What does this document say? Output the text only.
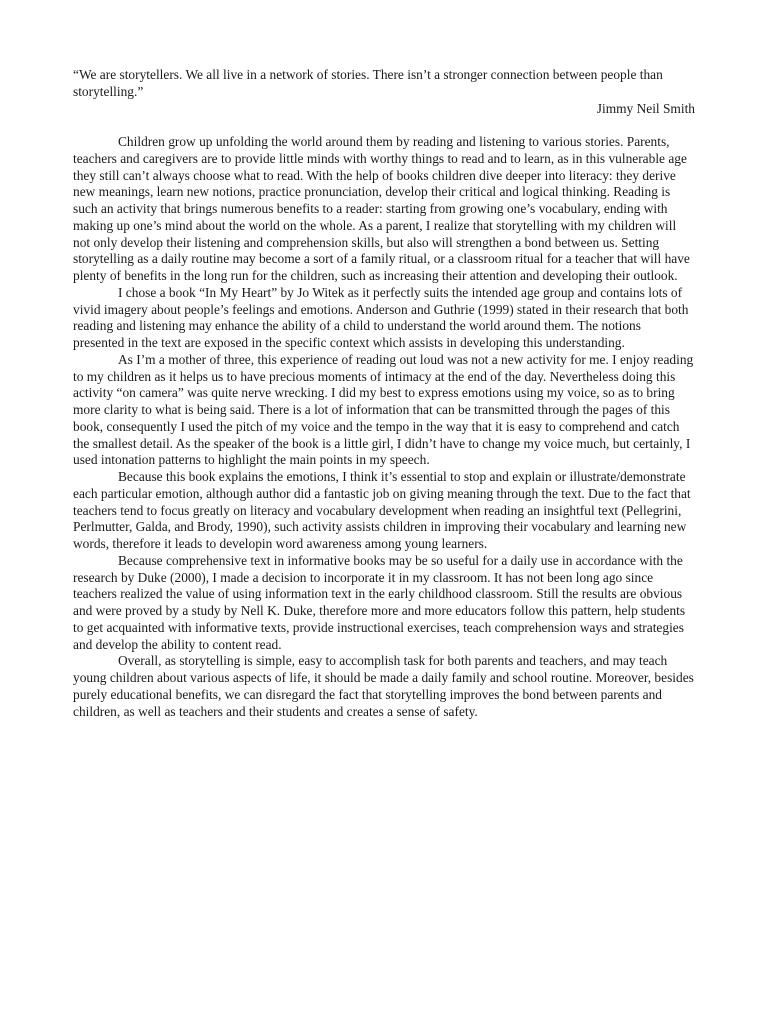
“We are storytellers. We all live in a network of stories. There isn’t a stronger connection between people than storytelling.”

Jimmy Neil Smith

Children grow up unfolding the world around them by reading and listening to various stories. Parents, teachers and caregivers are to provide little minds with worthy things to read and to learn, as in this vulnerable age they still can’t always choose what to read. With the help of books children dive deeper into literacy: they derive new meanings, learn new notions, practice pronunciation, develop their critical and logical thinking. Reading is such an activity that brings numerous benefits to a reader: starting from growing one’s vocabulary, ending with making up one’s mind about the world on the whole. As a parent, I realize that storytelling with my children will not only develop their listening and comprehension skills, but also will strengthen a bond between us. Setting storytelling as a daily routine may become a sort of a family ritual, or a classroom ritual for a teacher that will have plenty of benefits in the long run for the children, such as increasing their attention and developing their outlook.

I chose a book “In My Heart” by Jo Witek as it perfectly suits the intended age group and contains lots of vivid imagery about people’s feelings and emotions. Anderson and Guthrie (1999) stated in their research that both reading and listening may enhance the ability of a child to understand the world around them. The notions presented in the text are exposed in the specific context which assists in developing this understanding.

As I’m a mother of three, this experience of reading out loud was not a new activity for me. I enjoy reading to my children as it helps us to have precious moments of intimacy at the end of the day. Nevertheless doing this activity “on camera” was quite nerve wrecking. I did my best to express emotions using my voice, so as to bring more clarity to what is being said. There is a lot of information that can be transmitted through the pages of this book, consequently I used the pitch of my voice and the tempo in the way that it is easy to comprehend and catch the smallest detail. As the speaker of the book is a little girl, I didn’t have to change my voice much, but certainly, I used intonation patterns to highlight the main points in my speech.

Because this book explains the emotions, I think it’s essential to stop and explain or illustrate/demonstrate each particular emotion, although author did a fantastic job on giving meaning through the text. Due to the fact that teachers tend to focus greatly on literacy and vocabulary development when reading an insightful text (Pellegrini, Perlmutter, Galda, and Brody, 1990), such activity assists children in improving their vocabulary and learning new words, therefore it leads to developin word awareness among young learners.

Because comprehensive text in informative books may be so useful for a daily use in accordance with the research by Duke (2000), I made a decision to incorporate it in my classroom. It has not been long ago since teachers realized the value of using information text in the early childhood classroom. Still the results are obvious and were proved by a study by Nell K. Duke, therefore more and more educators follow this pattern, help students to get acquainted with informative texts, provide instructional exercises, teach comprehension ways and strategies and develop the ability to content read.

Overall, as storytelling is simple, easy to accomplish task for both parents and teachers, and may teach young children about various aspects of life, it should be made a daily family and school routine. Moreover, besides purely educational benefits, we can disregard the fact that storytelling improves the bond between parents and children, as well as teachers and their students and creates a sense of safety.
